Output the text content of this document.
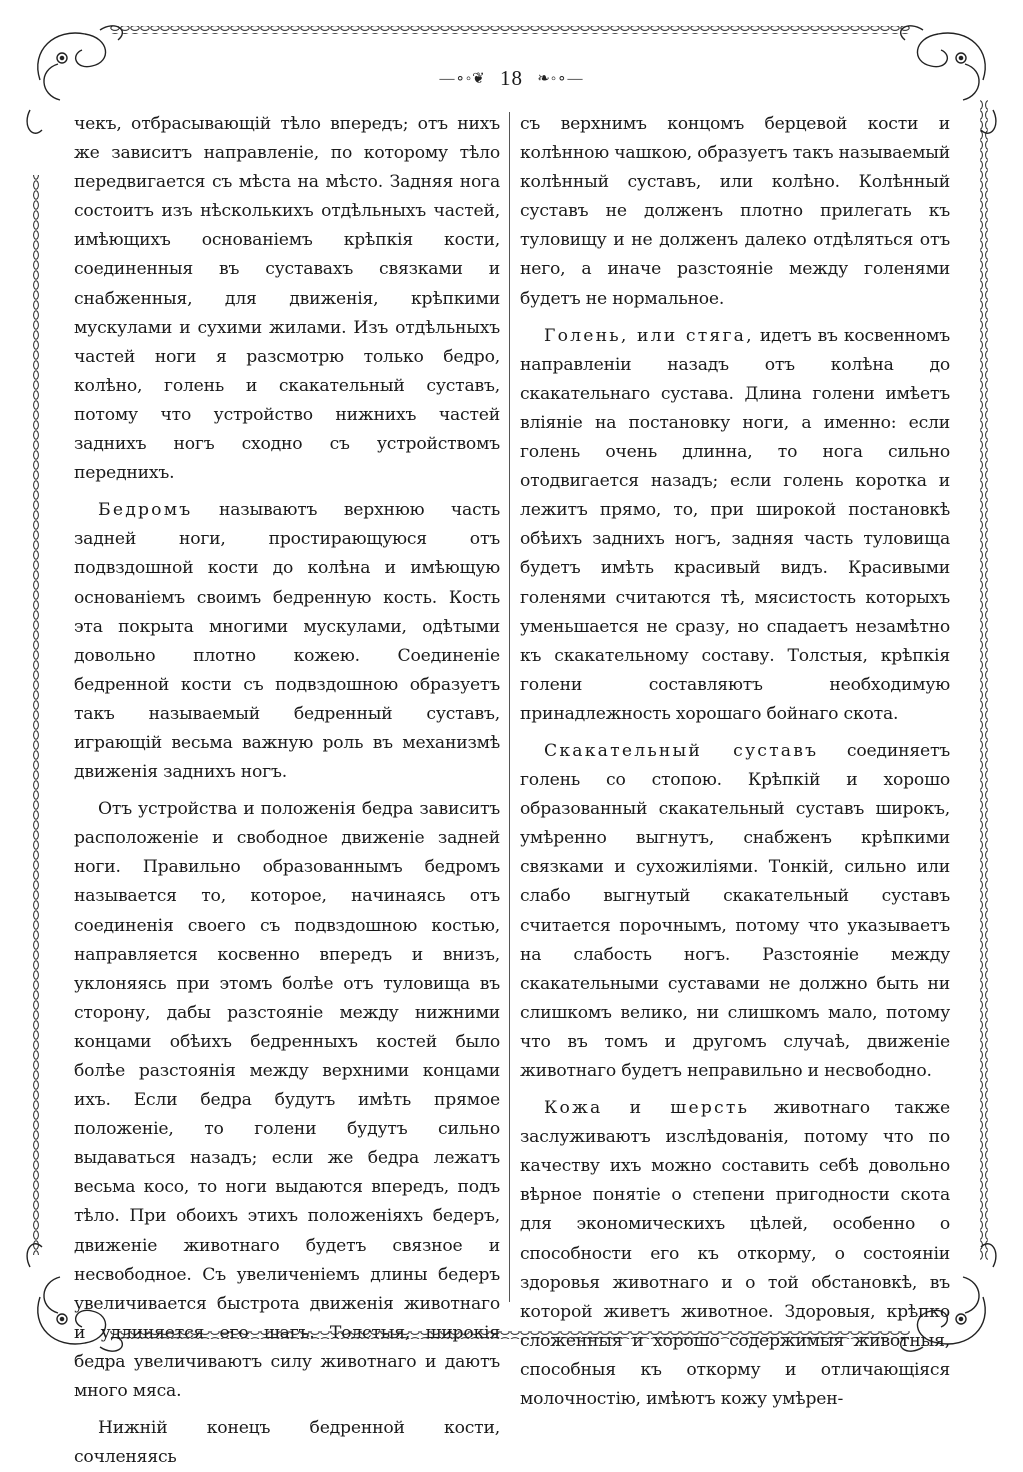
—∘◦❦ 18 ❧◦∘—

чекъ, отбрасывающій тѣло впередъ; отъ нихъ же зависитъ направленіе, по которому тѣло передвигается съ мѣста на мѣсто. Задняя нога состоитъ изъ нѣсколькихъ отдѣльныхъ частей, имѣющихъ основаніемъ крѣпкія кости, соединенныя въ суставахъ связками и снабженныя, для движенія, крѣпкими мускулами и сухими жилами. Изъ отдѣльныхъ частей ноги я разсмотрю только бедро, колѣно, голень и скакательный суставъ, потому что устройство нижнихъ частей заднихъ ногъ сходно съ устройствомъ переднихъ.

Бедромъ называютъ верхнюю часть задней ноги, простирающуюся отъ подвздошной кости до колѣна и имѣющую основаніемъ своимъ бедренную кость. Кость эта покрыта многими мускулами, одѣтыми довольно плотно кожею. Соединеніе бедренной кости съ подвздошною образуетъ такъ называемый бедренный суставъ, играющій весьма важную роль въ механизмѣ движенія заднихъ ногъ.

Отъ устройства и положенія бедра зависитъ расположеніе и свободное движеніе задней ноги. Правильно образованнымъ бедромъ называется то, которое, начинаясь отъ соединенія своего съ подвздошною костью, направляется косвенно впередъ и внизъ, уклоняясь при этомъ болѣе отъ туловища въ сторону, дабы разстояніе между нижними концами обѣихъ бедренныхъ костей было болѣе разстоянія между верхними концами ихъ. Если бедра будутъ имѣть прямое положеніе, то голени будутъ сильно выдаваться назадъ; если же бедра лежатъ весьма косо, то ноги выдаются впередъ, подъ тѣло. При обоихъ этихъ положеніяхъ бедеръ, движеніе животнаго будетъ связное и несвободное. Съ увеличеніемъ длины бедеръ увеличивается быстрота движенія животнаго и удлиняется его шагъ. Толстыя, широкія бедра увеличиваютъ силу животнаго и даютъ много мяса.

Нижній конецъ бедренной кости, сочленяясь

съ верхнимъ концомъ берцевой кости и колѣнною чашкою, образуетъ такъ называемый колѣнный суставъ, или колѣно. Колѣнный суставъ не долженъ плотно прилегать къ туловищу и не долженъ далеко отдѣляться отъ него, а иначе разстояніе между голенями будетъ не нормальное.

Голень, или стяга, идетъ въ косвенномъ направленіи назадъ отъ колѣна до скакательнаго сустава. Длина голени имѣетъ вліяніе на постановку ноги, а именно: если голень очень длинна, то нога сильно отодвигается назадъ; если голень коротка и лежитъ прямо, то, при широкой постановкѣ обѣихъ заднихъ ногъ, задняя часть туловища будетъ имѣть красивый видъ. Красивыми голенями считаются тѣ, мясистость которыхъ уменьшается не сразу, но спадаетъ незамѣтно къ скакательному составу. Толстыя, крѣпкія голени составляютъ необходимую принадлежность хорошаго бойнаго скота.

Скакательный суставъ соединяетъ голень со стопою. Крѣпкій и хорошо образованный скакательный суставъ широкъ, умѣренно выгнутъ, снабженъ крѣпкими связками и сухожиліями. Тонкій, сильно или слабо выгнутый скакательный суставъ считается порочнымъ, потому что указываетъ на слабость ногъ. Разстояніе между скакательными суставами не должно быть ни слишкомъ велико, ни слишкомъ мало, потому что въ томъ и другомъ случаѣ, движеніе животнаго будетъ неправильно и несвободно.

Кожа и шерсть животнаго также заслуживаютъ изслѣдованія, потому что по качеству ихъ можно составить себѣ довольно вѣрное понятіе о степени пригодности скота для экономическихъ цѣлей, особенно о способности его къ откорму, о состояніи здоровья животнаго и о той обстановкѣ, въ которой живетъ животное. Здоровыя, крѣпко сложенныя и хорошо содержимыя животныя, способныя къ откорму и отличающіяся молочностію, имѣютъ кожу умѣрен-
